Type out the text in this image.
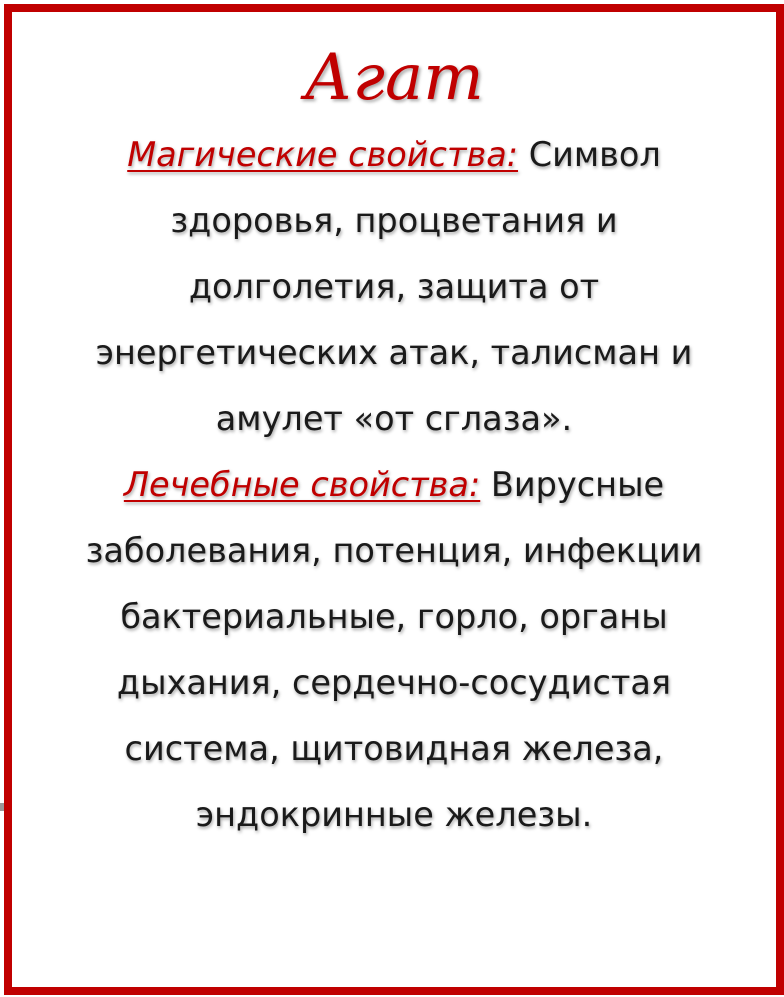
Агат
Магические свойства: Символ
здоровья, процветания и
долголетия, защита от
энергетических атак, талисман и
амулет «от сглаза».
Лечебные свойства: Вирусные
заболевания, потенция, инфекции
бактериальные, горло, органы
дыхания, сердечно-сосудистая
система, щитовидная железа,
эндокринные железы.
